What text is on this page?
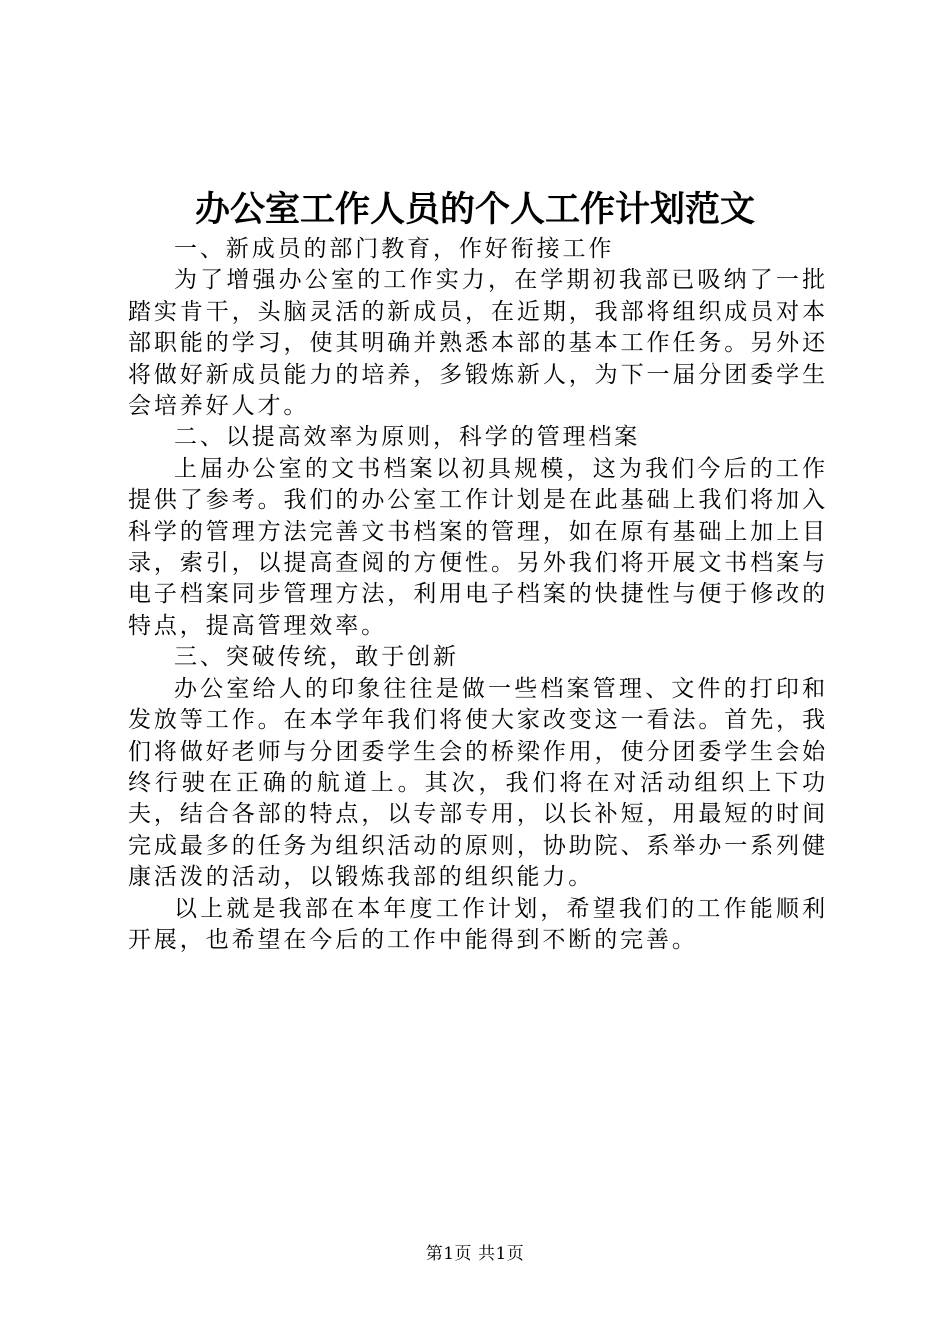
办公室工作人员的个人工作计划范文

一、新成员的部门教育，作好衔接工作

为了增强办公室的工作实力，在学期初我部已吸纳了一批踏实肯干，头脑灵活的新成员，在近期，我部将组织成员对本部职能的学习，使其明确并熟悉本部的基本工作任务。另外还将做好新成员能力的培养，多锻炼新人，为下一届分团委学生会培养好人才。

二、以提高效率为原则，科学的管理档案

上届办公室的文书档案以初具规模，这为我们今后的工作提供了参考。我们的办公室工作计划是在此基础上我们将加入科学的管理方法完善文书档案的管理，如在原有基础上加上目录，索引，以提高查阅的方便性。另外我们将开展文书档案与电子档案同步管理方法，利用电子档案的快捷性与便于修改的特点，提高管理效率。

三、突破传统，敢于创新

办公室给人的印象往往是做一些档案管理、文件的打印和发放等工作。在本学年我们将使大家改变这一看法。首先，我们将做好老师与分团委学生会的桥梁作用，使分团委学生会始终行驶在正确的航道上。其次，我们将在对活动组织上下功夫，结合各部的特点，以专部专用，以长补短，用最短的时间完成最多的任务为组织活动的原则，协助院、系举办一系列健康活泼的活动，以锻炼我部的组织能力。

以上就是我部在本年度工作计划，希望我们的工作能顺利开展，也希望在今后的工作中能得到不断的完善。

第1页 共1页
